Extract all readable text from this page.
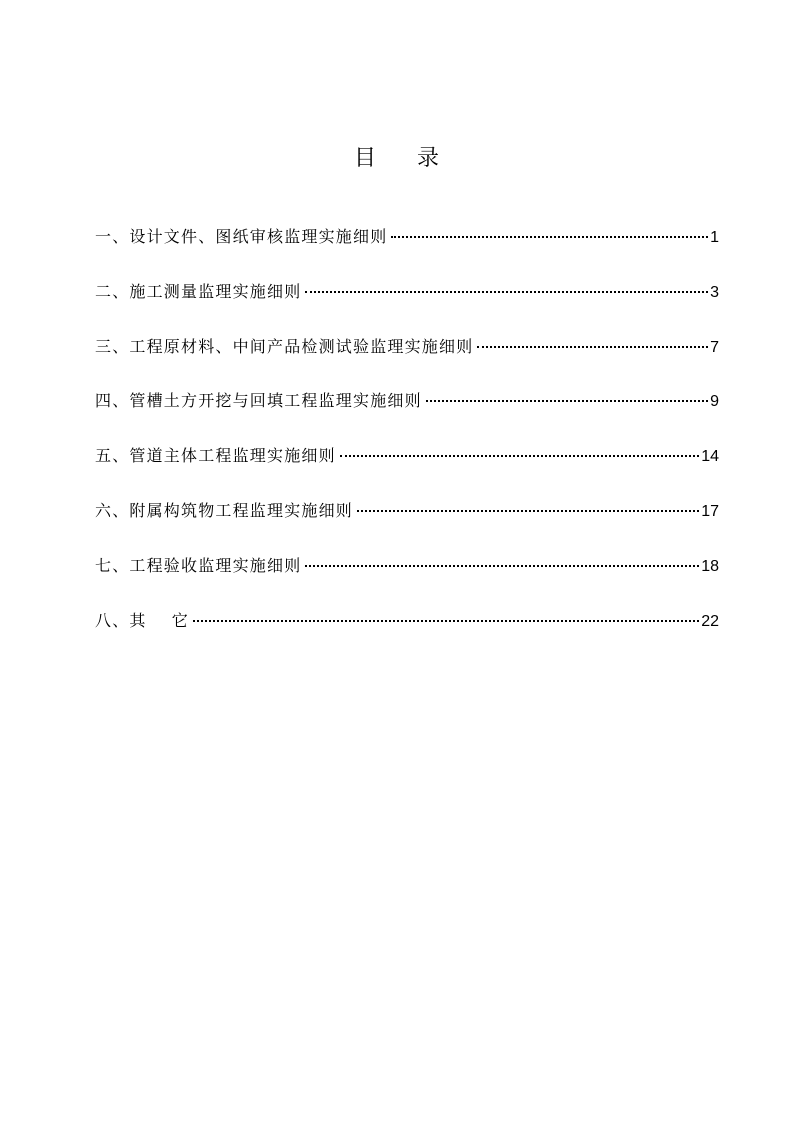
目 录
一、设计文件、图纸审核监理实施细则	1
二、施工测量监理实施细则	3
三、工程原材料、中间产品检测试验监理实施细则	7
四、管槽土方开挖与回填工程监理实施细则	9
五、管道主体工程监理实施细则	14
六、附属构筑物工程监理实施细则	17
七、工程验收监理实施细则	18
八、其    它	22
